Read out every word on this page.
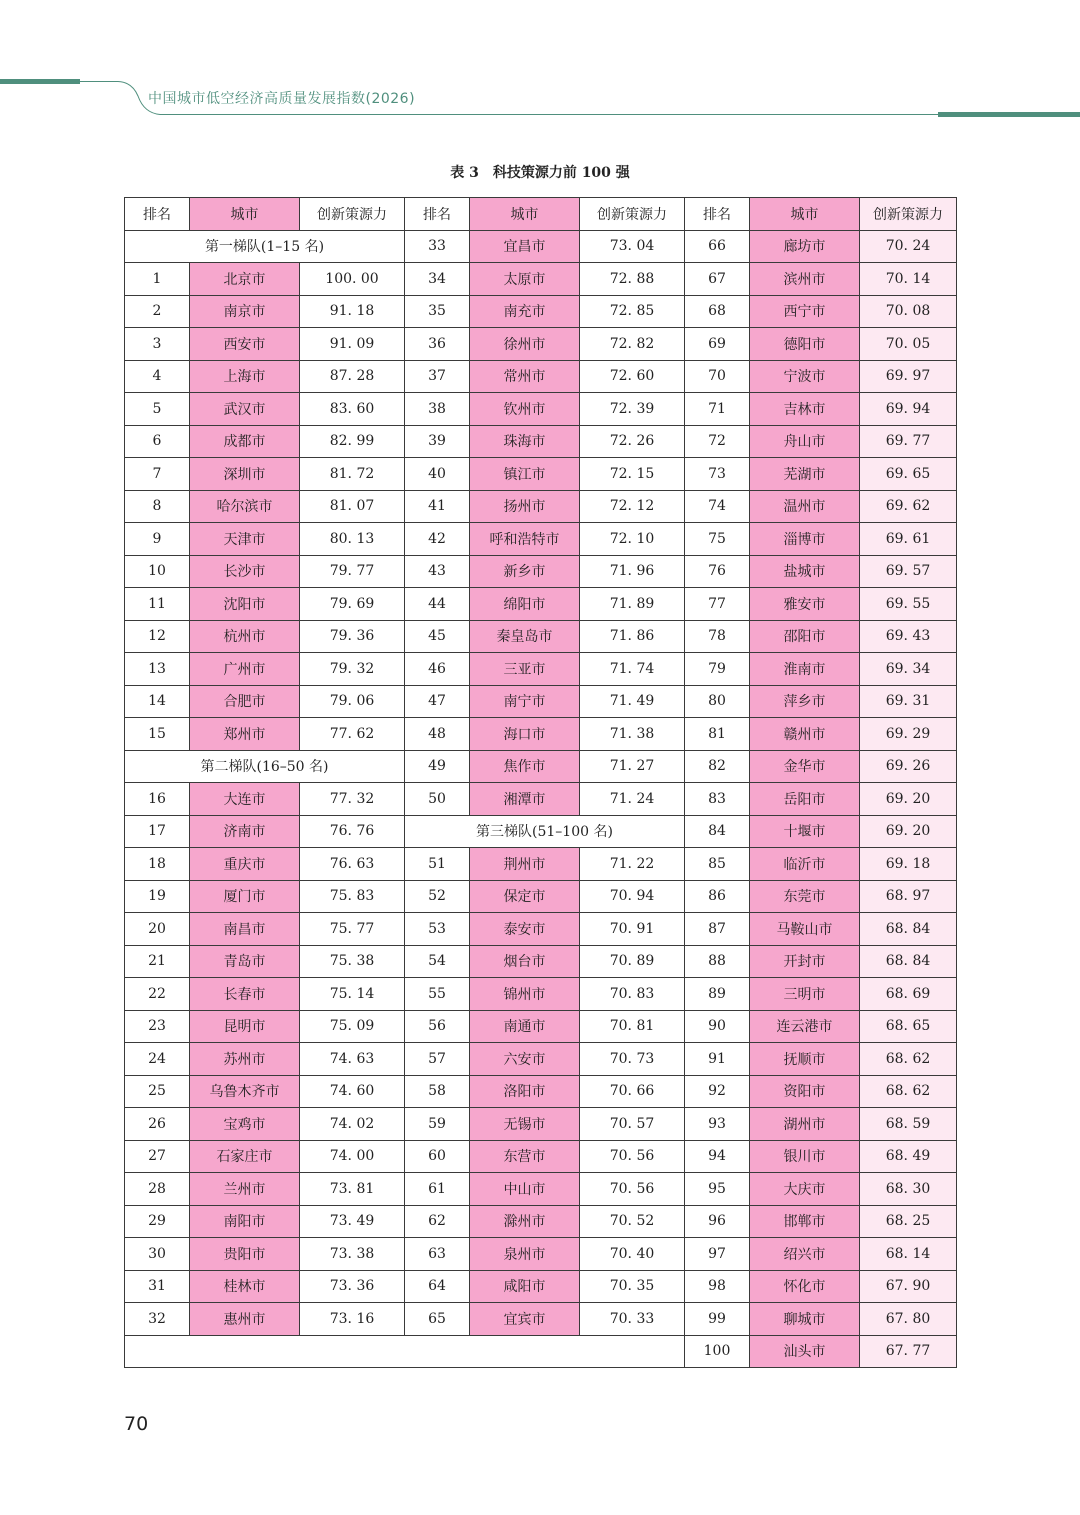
中国城市低空经济高质量发展指数(2026)
表 3　科技策源力前 100 强
排名	城市	创新策源力	排名	城市	创新策源力	排名	城市	创新策源力
第一梯队(1–15 名)			33	宜昌市	73. 04	66	廊坊市	70. 24
1	北京市	100. 00	34	太原市	72. 88	67	滨州市	70. 14
2	南京市	91. 18	35	南充市	72. 85	68	西宁市	70. 08
3	西安市	91. 09	36	徐州市	72. 82	69	德阳市	70. 05
4	上海市	87. 28	37	常州市	72. 60	70	宁波市	69. 97
5	武汉市	83. 60	38	钦州市	72. 39	71	吉林市	69. 94
6	成都市	82. 99	39	珠海市	72. 26	72	舟山市	69. 77
7	深圳市	81. 72	40	镇江市	72. 15	73	芜湖市	69. 65
8	哈尔滨市	81. 07	41	扬州市	72. 12	74	温州市	69. 62
9	天津市	80. 13	42	呼和浩特市	72. 10	75	淄博市	69. 61
10	长沙市	79. 77	43	新乡市	71. 96	76	盐城市	69. 57
11	沈阳市	79. 69	44	绵阳市	71. 89	77	雅安市	69. 55
12	杭州市	79. 36	45	秦皇岛市	71. 86	78	邵阳市	69. 43
13	广州市	79. 32	46	三亚市	71. 74	79	淮南市	69. 34
14	合肥市	79. 06	47	南宁市	71. 49	80	萍乡市	69. 31
15	郑州市	77. 62	48	海口市	71. 38	81	赣州市	69. 29
第二梯队(16–50 名)			49	焦作市	71. 27	82	金华市	69. 26
16	大连市	77. 32	50	湘潭市	71. 24	83	岳阳市	69. 20
17	济南市	76. 76	第三梯队(51–100 名)			84	十堰市	69. 20
18	重庆市	76. 63	51	荆州市	71. 22	85	临沂市	69. 18
19	厦门市	75. 83	52	保定市	70. 94	86	东莞市	68. 97
20	南昌市	75. 77	53	泰安市	70. 91	87	马鞍山市	68. 84
21	青岛市	75. 38	54	烟台市	70. 89	88	开封市	68. 84
22	长春市	75. 14	55	锦州市	70. 83	89	三明市	68. 69
23	昆明市	75. 09	56	南通市	70. 81	90	连云港市	68. 65
24	苏州市	74. 63	57	六安市	70. 73	91	抚顺市	68. 62
25	乌鲁木齐市	74. 60	58	洛阳市	70. 66	92	资阳市	68. 62
26	宝鸡市	74. 02	59	无锡市	70. 57	93	湖州市	68. 59
27	石家庄市	74. 00	60	东营市	70. 56	94	银川市	68. 49
28	兰州市	73. 81	61	中山市	70. 56	95	大庆市	68. 30
29	南阳市	73. 49	62	滁州市	70. 52	96	邯郸市	68. 25
30	贵阳市	73. 38	63	泉州市	70. 40	97	绍兴市	68. 14
31	桂林市	73. 36	64	咸阳市	70. 35	98	怀化市	67. 90
32	惠州市	73. 16	65	宜宾市	70. 33	99	聊城市	67. 80
						100	汕头市	67. 77
70
